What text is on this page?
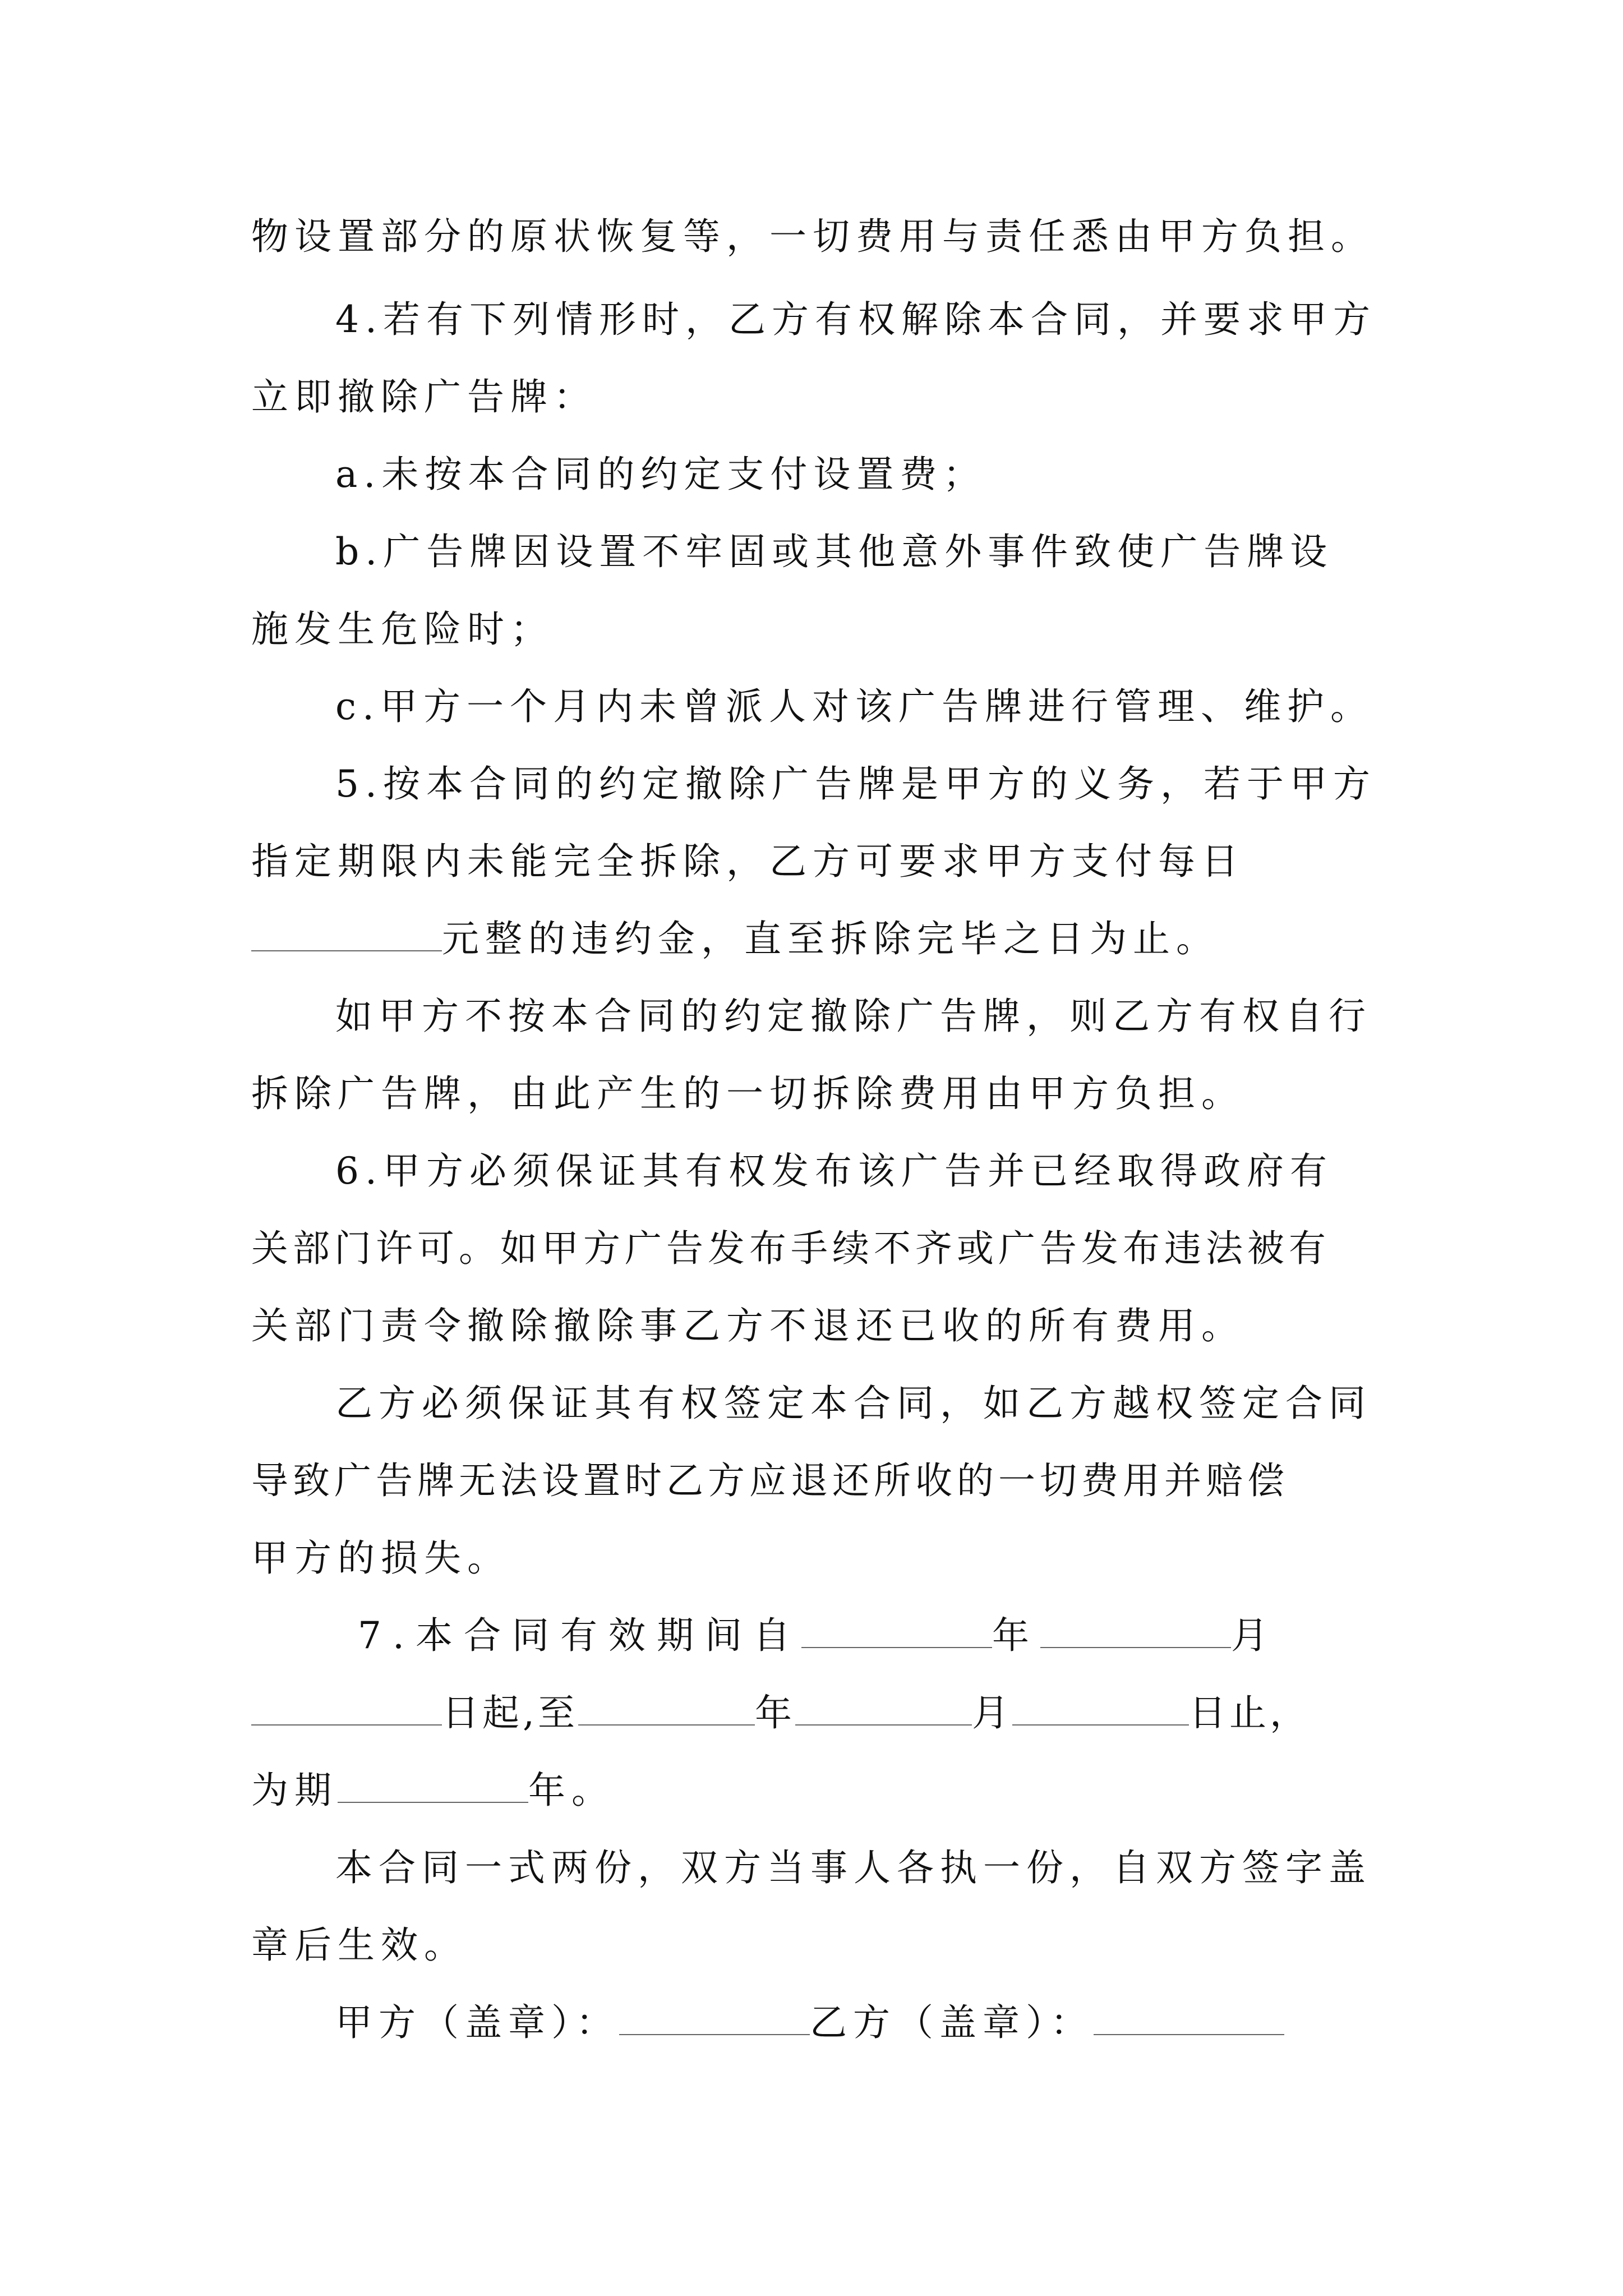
物设置部分的原状恢复等，一切费用与责任悉由甲方负担。
4.若有下列情形时，乙方有权解除本合同，并要求甲方
立即撤除广告牌：
a.未按本合同的约定支付设置费；
b.广告牌因设置不牢固或其他意外事件致使广告牌设
施发生危险时；
c.甲方一个月内未曾派人对该广告牌进行管理、维护。
5.按本合同的约定撤除广告牌是甲方的义务，若于甲方
指定期限内未能完全拆除，乙方可要求甲方支付每日
元整的违约金，直至拆除完毕之日为止。
如甲方不按本合同的约定撤除广告牌，则乙方有权自行
拆除广告牌，由此产生的一切拆除费用由甲方负担。
6.甲方必须保证其有权发布该广告并已经取得政府有
关部门许可。如甲方广告发布手续不齐或广告发布违法被有
关部门责令撤除撤除事乙方不退还已收的所有费用。
乙方必须保证其有权签定本合同，如乙方越权签定合同
导致广告牌无法设置时乙方应退还所收的一切费用并赔偿
甲方的损失。
7.本合同有效期间自	年	月
日起,至	年	月	日止，
为期	年。
本合同一式两份，双方当事人各执一份，自双方签字盖
章后生效。
甲方（盖章）：	乙方（盖章）：
